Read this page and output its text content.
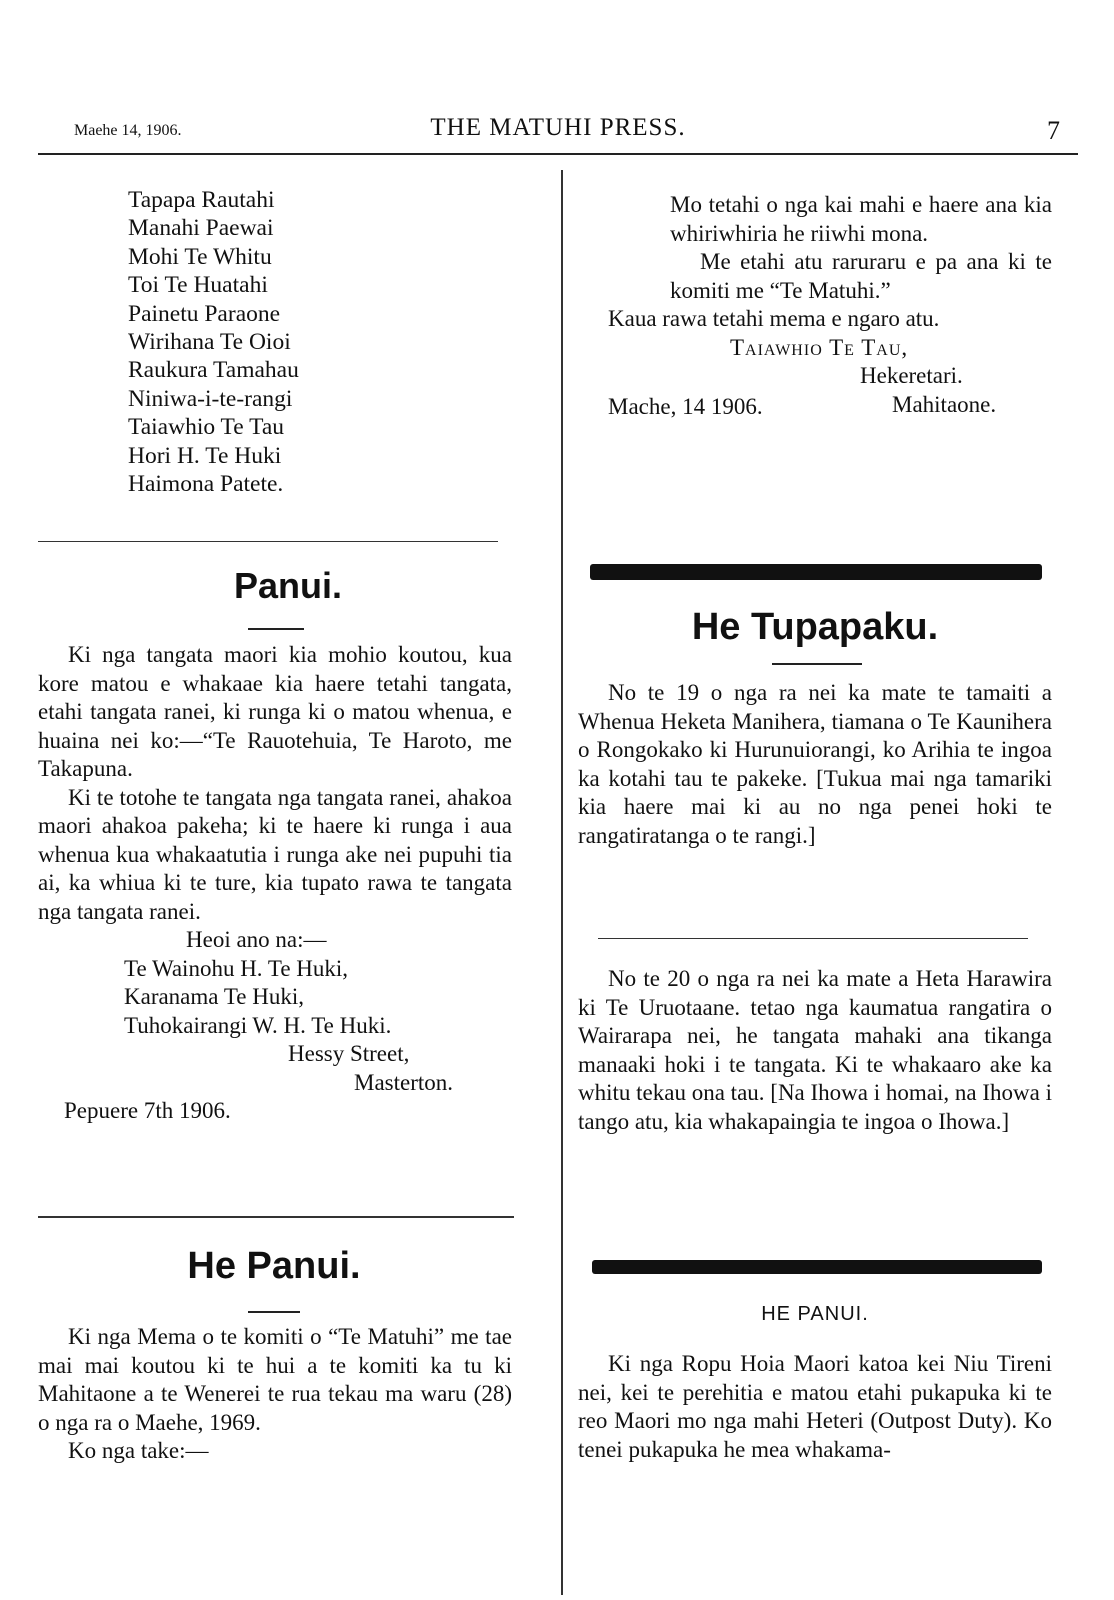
Maehe 14, 1906.	THE MATUHI PRESS.	7
Tapapa Rautahi
Manahi Paewai
Mohi Te Whitu
Toi Te Huatahi
Painetu Paraone
Wirihana Te Oioi
Raukura Tamahau
Niniwa-i-te-rangi
Taiawhio Te Tau
Hori H. Te Huki
Haimona Patete.
Panui.

Ki nga tangata maori kia mohio koutou, kua kore matou e whakaae kia haere tetahi tangata, etahi tangata ranei, ki runga ki o matou whenua, e huaina nei ko:—“Te Rauotehuia, Te Haroto, me Takapuna.

Ki te totohe te tangata nga tangata ranei, ahakoa maori ahakoa pakeha; ki te haere ki runga i aua whenua kua whakaatutia i runga ake nei pupuhi tia ai, ka whiua ki te ture, kia tupato rawa te tangata nga tangata ranei.

Heoi ano na:—
Te Wainohu H. Te Huki,
Karanama Te Huki,
Tuhokairangi W. H. Te Huki.
Hessy Street,
Masterton.
Pepuere 7th 1906.
He Panui.

Ki nga Mema o te komiti o “Te Matuhi” me tae mai mai koutou ki te hui a te komiti ka tu ki Mahitaone a te Wenerei te rua tekau ma waru (28) o nga ra o Maehe, 1969.

Ko nga take:—

Mo tetahi o nga kai mahi e haere ana kia whiriwhiria he riiwhi mona.

Me etahi atu raruraru e pa ana ki te komiti me “Te Matuhi.”

Kaua rawa tetahi mema e ngaro atu.

Taiawhio Te Tau,
Hekeretari.
Mahitaone.
Mache, 14 1906.
He Tupapaku.

No te 19 o nga ra nei ka mate te tamaiti a Whenua Heketa Manihera, tiamana o Te Kaunihera o Rongokako ki Hurunuiorangi, ko Arihia te ingoa ka kotahi tau te pakeke. [Tukua mai nga tamariki kia haere mai ki au no nga penei hoki te rangatiratanga o te rangi.]

No te 20 o nga ra nei ka mate a Heta Harawira ki Te Uruotaane. tetao nga kaumatua rangatira o Wairarapa nei, he tangata mahaki ana tikanga manaaki hoki i te tangata. Ki te whakaaro ake ka whitu tekau ona tau. [Na Ihowa i homai, na Ihowa i tango atu, kia whakapaingia te ingoa o Ihowa.]

HE PANUI.

Ki nga Ropu Hoia Maori katoa kei Niu Tireni nei, kei te perehitia e matou etahi pukapuka ki te reo Maori mo nga mahi Heteri (Outpost Duty). Ko tenei pukapuka he mea whakama-
